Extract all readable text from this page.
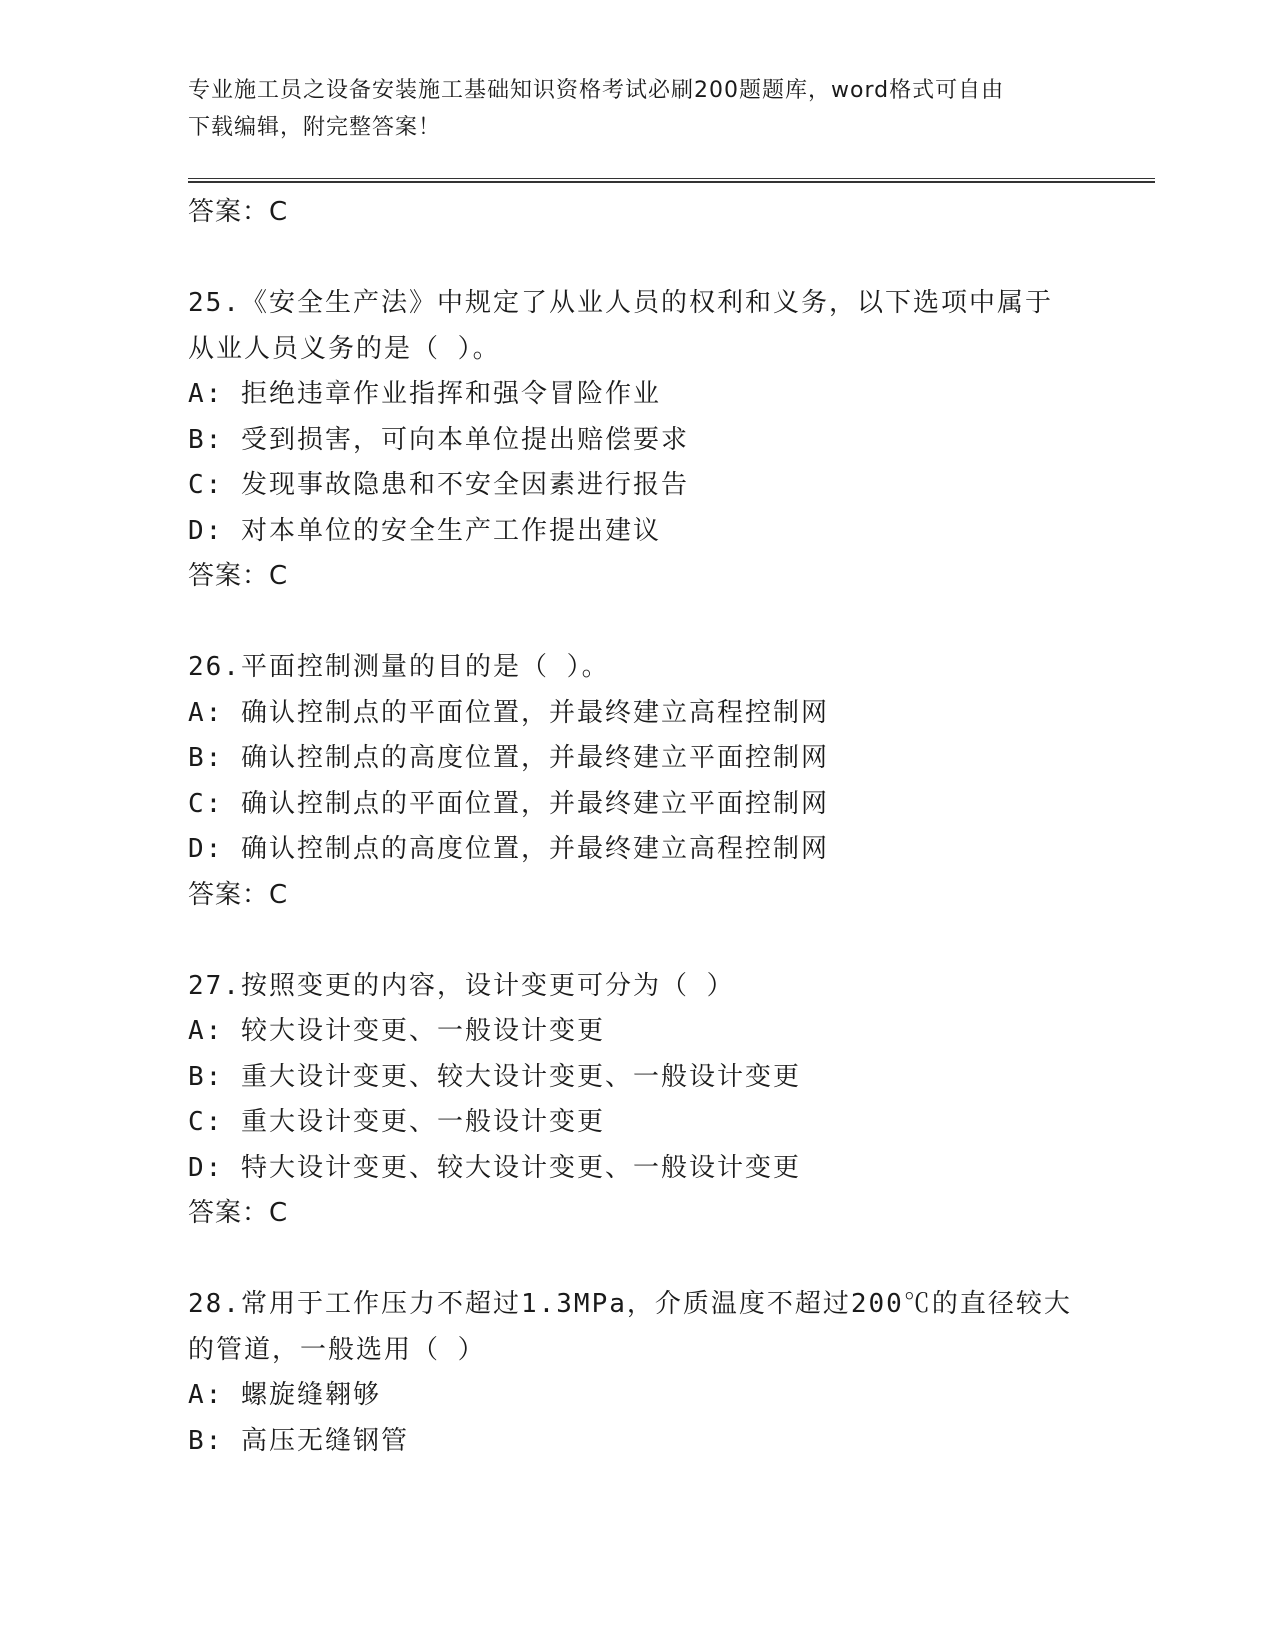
专业施工员之设备安装施工基础知识资格考试必刷200题题库，word格式可自由
下载编辑，附完整答案！
答案：C
25.《安全生产法》中规定了从业人员的权利和义务，以下选项中属于
从业人员义务的是（ ）。
A: 拒绝违章作业指挥和强令冒险作业
B: 受到损害，可向本单位提出赔偿要求
C: 发现事故隐患和不安全因素进行报告
D: 对本单位的安全生产工作提出建议
答案：C
26.平面控制测量的目的是（ ）。
A: 确认控制点的平面位置，并最终建立高程控制网
B: 确认控制点的高度位置，并最终建立平面控制网
C: 确认控制点的平面位置，并最终建立平面控制网
D: 确认控制点的高度位置，并最终建立高程控制网
答案：C
27.按照变更的内容，设计变更可分为（ ）
A: 较大设计变更、一般设计变更
B: 重大设计变更、较大设计变更、一般设计变更
C: 重大设计变更、一般设计变更
D: 特大设计变更、较大设计变更、一般设计变更
答案：C
28.常用于工作压力不超过1.3MPa，介质温度不超过200℃的直径较大
的管道，一般选用（ ）
A: 螺旋缝翱够
B: 高压无缝钢管
